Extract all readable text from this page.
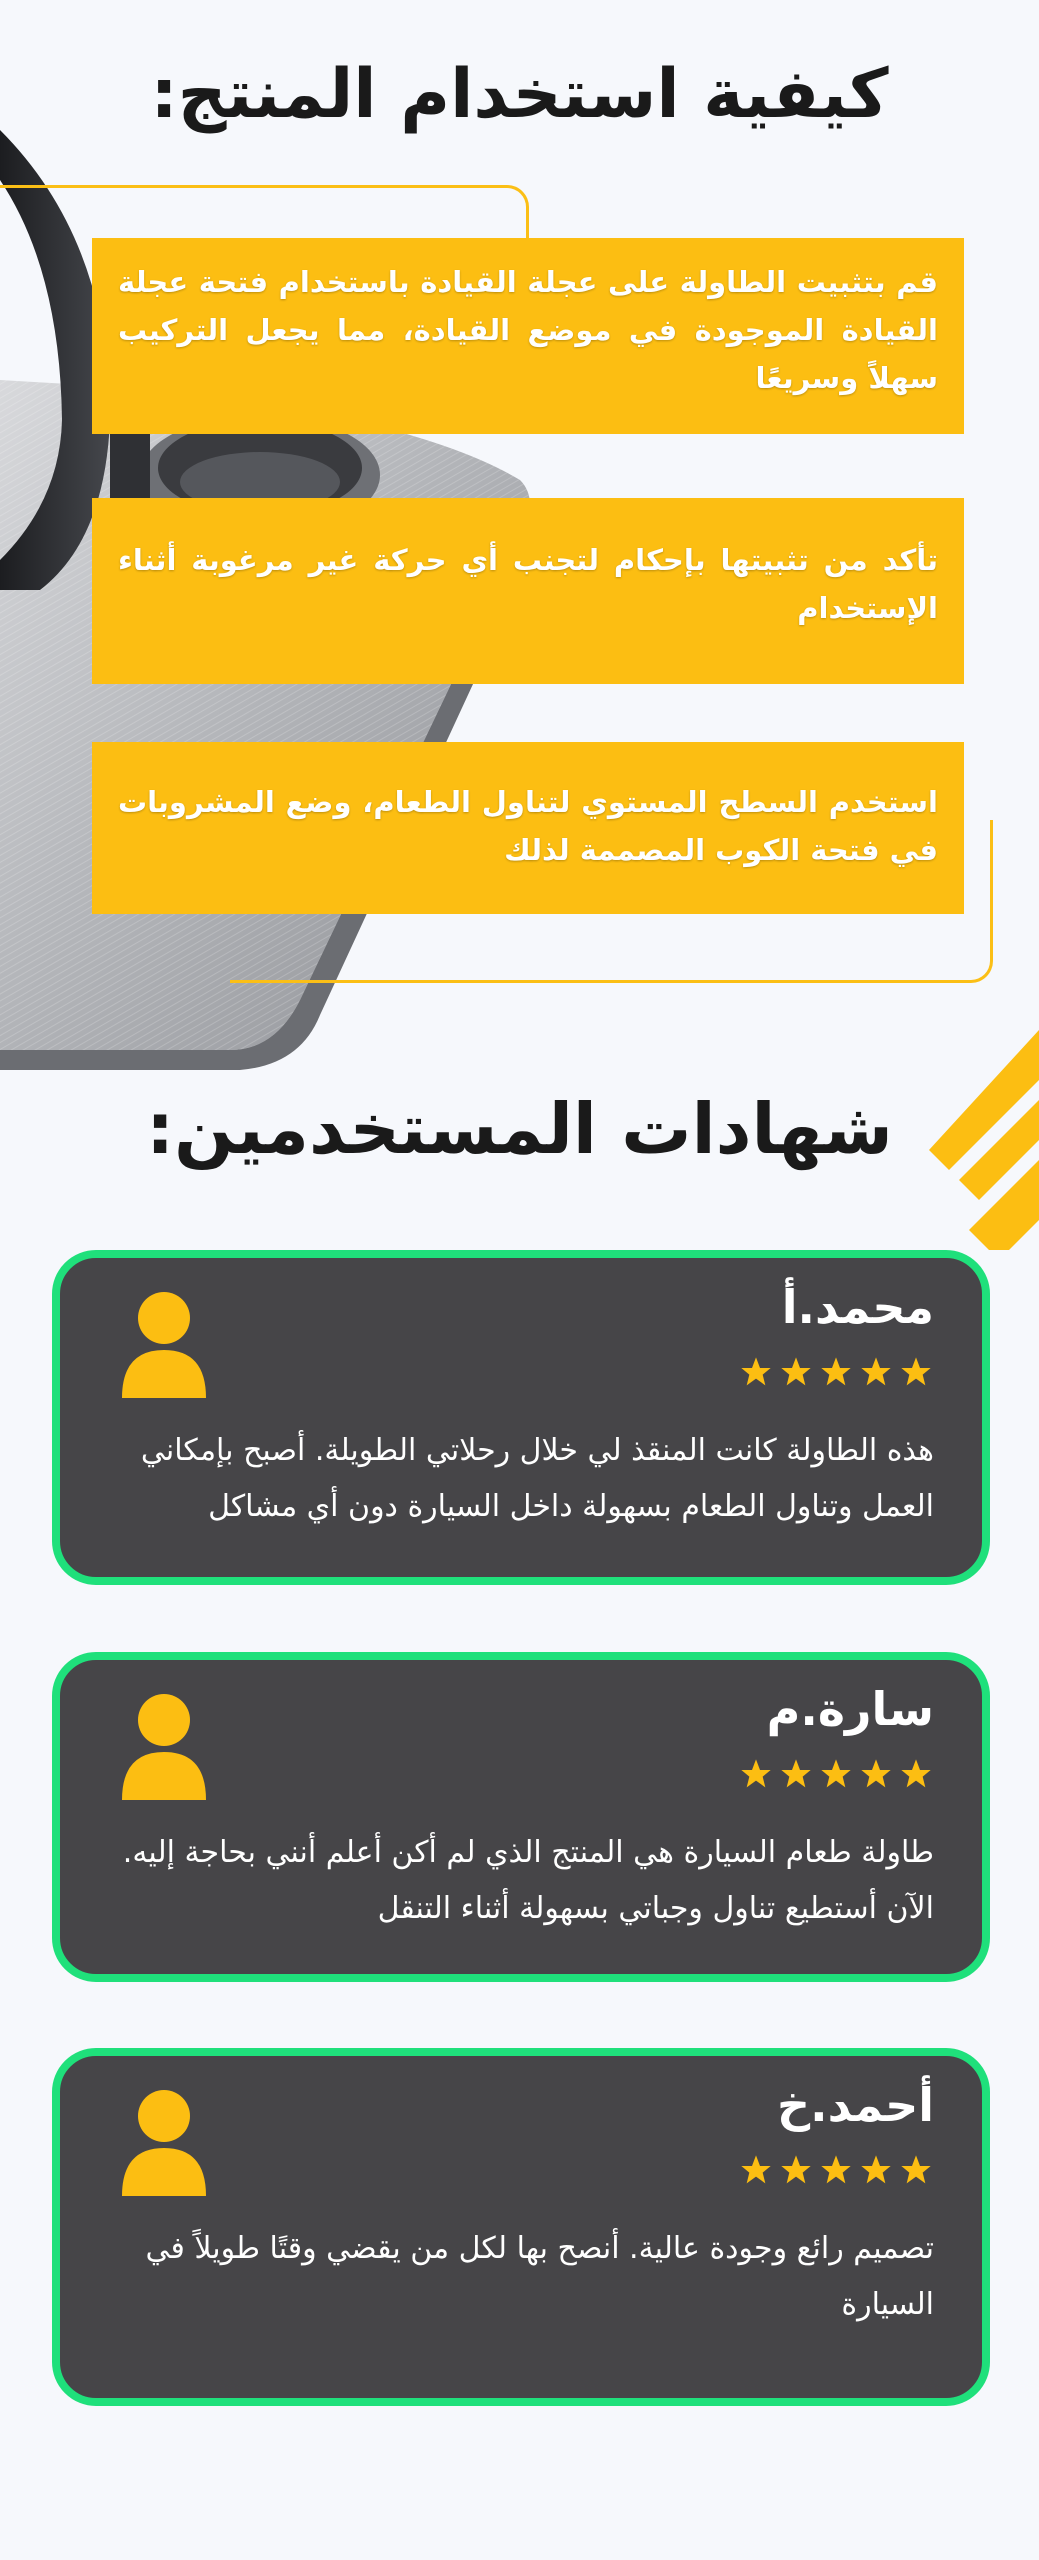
كيفية استخدام المنتج:
قم بتثبيت الطاولة على عجلة القيادة باستخدام فتحة عجلة القيادة الموجودة في موضع القيادة، مما يجعل التركيب سهلاً وسريعًا
تأكد من تثبيتها بإحكام لتجنب أي حركة غير مرغوبة أثناء الإستخدام
استخدم السطح المستوي لتناول الطعام، وضع المشروبات في فتحة الكوب المصممة لذلك
شهادات المستخدمين:
محمد.أ

هذه الطاولة كانت المنقذ لي خلال رحلاتي الطويلة. أصبح بإمكاني العمل وتناول الطعام بسهولة داخل السيارة دون أي مشاكل

سارة.م

طاولة طعام السيارة هي المنتج الذي لم أكن أعلم أنني بحاجة إليه. الآن أستطيع تناول وجباتي بسهولة أثناء التنقل

أحمد.خ

تصميم رائع وجودة عالية. أنصح بها لكل من يقضي وقتًا طويلاً في السيارة
